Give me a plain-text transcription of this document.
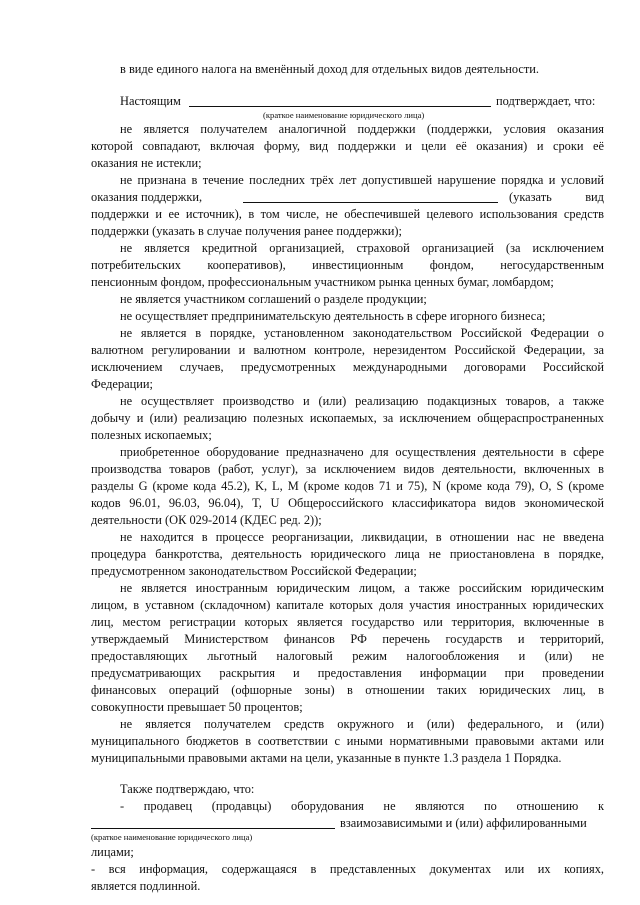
в виде единого налога на вменённый доход для отдельных видов деятельности.
Настоящим	подтверждает, что:
(краткое наименование юридического лица)
не является получателем аналогичной поддержки (поддержки, условия оказания
которой совпадают, включая форму, вид поддержки и цели её оказания) и сроки её
оказания не истекли;
не признана в течение последних трёх лет допустившей нарушение порядка и условий
оказания поддержки,	(указать вид
поддержки и ее источник), в том числе, не обеспечившей целевого использования средств
поддержки (указать в случае получения ранее поддержки);
не является кредитной организацией, страховой организацией (за исключением
потребительских кооперативов), инвестиционным фондом, негосударственным
пенсионным фондом, профессиональным участником рынка ценных бумаг, ломбардом;
не является участником соглашений о разделе продукции;
не осуществляет предпринимательскую деятельность в сфере игорного бизнеса;
не является в порядке, установленном законодательством Российской Федерации о
валютном регулировании и валютном контроле, нерезидентом Российской Федерации, за
исключением случаев, предусмотренных международными договорами Российской
Федерации;
не осуществляет производство и (или) реализацию подакцизных товаров, а также
добычу и (или) реализацию полезных ископаемых, за исключением общераспространенных
полезных ископаемых;
приобретенное оборудование предназначено для осуществления деятельности в сфере
производства товаров (работ, услуг), за исключением видов деятельности, включенных в
разделы G (кроме кода 45.2), K, L, M (кроме кодов 71 и 75), N (кроме кода 79), O, S (кроме
кодов 96.01, 96.03, 96.04), T, U Общероссийского классификатора видов экономической
деятельности (ОК 029-2014 (КДЕС ред. 2));
не находится в процессе реорганизации, ликвидации, в отношении нас не введена
процедура банкротства, деятельность юридического лица не приостановлена в порядке,
предусмотренном законодательством Российской Федерации;
не является иностранным юридическим лицом, а также российским юридическим
лицом, в уставном (складочном) капитале которых доля участия иностранных юридических
лиц, местом регистрации которых является государство или территория, включенные в
утверждаемый Министерством финансов РФ перечень государств и территорий,
предоставляющих льготный налоговый режим налогообложения и (или) не
предусматривающих раскрытия и предоставления информации при проведении
финансовых операций (офшорные зоны) в отношении таких юридических лиц, в
совокупности превышает 50 процентов;
не является получателем средств окружного и (или) федерального, и (или)
муниципального бюджетов в соответствии с иными нормативными правовыми актами или
муниципальными правовыми актами на цели, указанные в пункте 1.3 раздела 1 Порядка.
Также подтверждаю, что:
- продавец (продавцы) оборудования не являются по отношению к
взаимозависимыми и (или) аффилированными
(краткое наименование юридического лица)
лицами;
- вся информация, содержащаяся в представленных документах или их копиях,
является подлинной.
